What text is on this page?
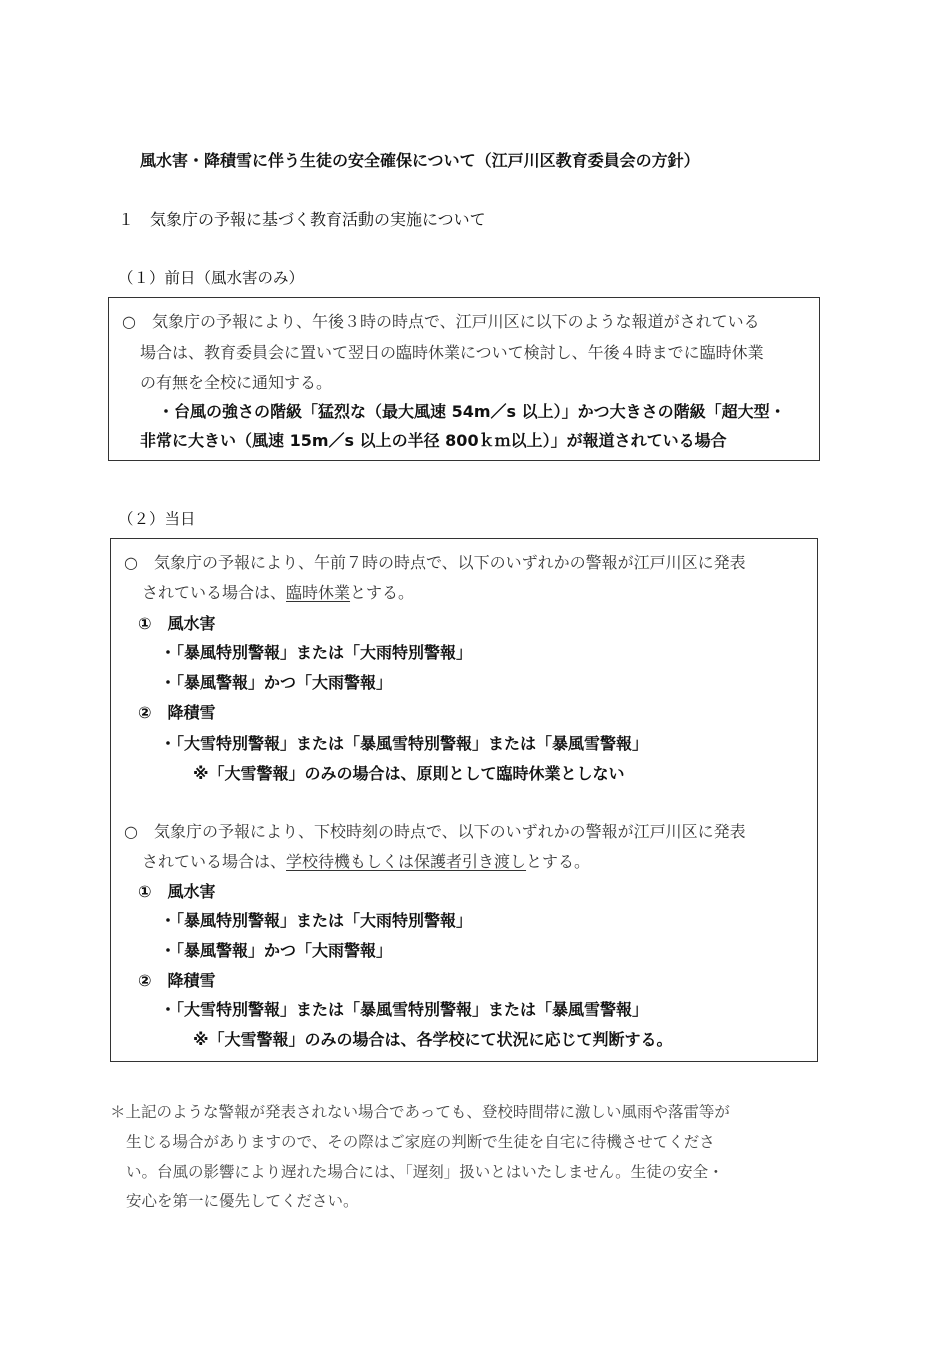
風水害・降積雪に伴う生徒の安全確保について（江戸川区教育委員会の方針）
１　気象庁の予報に基づく教育活動の実施について
（１）前日（風水害のみ）
○　気象庁の予報により、午後３時の時点で、江戸川区に以下のような報道がされている
場合は、教育委員会に置いて翌日の臨時休業について検討し、午後４時までに臨時休業
の有無を全校に通知する。
・台風の強さの階級「猛烈な（最大風速 54m／s 以上）」かつ大きさの階級「超大型・
非常に大きい（風速 15m／s 以上の半径 800ｋｍ以上）」が報道されている場合
（２）当日
○　気象庁の予報により、午前７時の時点で、以下のいずれかの警報が江戸川区に発表
されている場合は、臨時休業とする。
①　風水害
・「暴風特別警報」または「大雨特別警報」
・「暴風警報」かつ「大雨警報」
②　降積雪
・「大雪特別警報」または「暴風雪特別警報」または「暴風雪警報」
※「大雪警報」のみの場合は、原則として臨時休業としない
○　気象庁の予報により、下校時刻の時点で、以下のいずれかの警報が江戸川区に発表
されている場合は、学校待機もしくは保護者引き渡しとする。
①　風水害
・「暴風特別警報」または「大雨特別警報」
・「暴風警報」かつ「大雨警報」
②　降積雪
・「大雪特別警報」または「暴風雪特別警報」または「暴風雪警報」
※「大雪警報」のみの場合は、各学校にて状況に応じて判断する。
＊上記のような警報が発表されない場合であっても、登校時間帯に激しい風雨や落雷等が
生じる場合がありますので、その際はご家庭の判断で生徒を自宅に待機させてくださ
い。台風の影響により遅れた場合には、「遅刻」扱いとはいたしません。生徒の安全・
安心を第一に優先してください。
